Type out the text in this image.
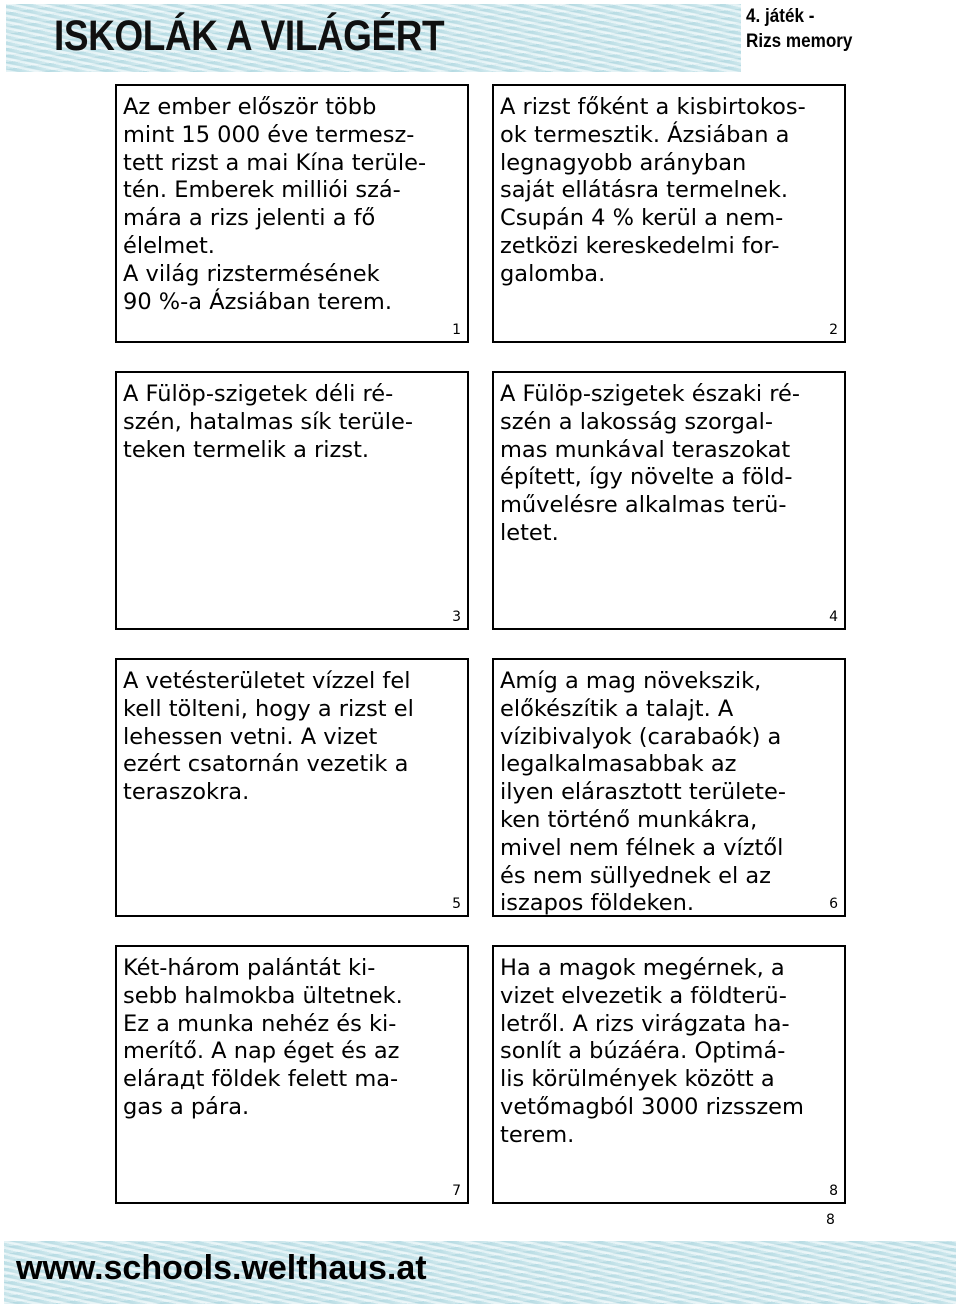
ISKOLÁK A VILÁGÉRT	4. játék -
Rizs memory
Az ember először több
mint 15 000 éve termesz-
tett rizst a mai Kína terüle-
tén. Emberek milliói szá-
mára a rizs jelenti a fő
élelmet.
A világ rizstermésének
90 %-a Ázsiában terem.
1
A rizst főként a kisbirtokos-
ok termesztik. Ázsiában a
legnagyobb arányban
saját ellátásra termelnek.
Csupán 4 % kerül a nem-
zetközi kereskedelmi for-
galomba.
2
A Fülöp-szigetek déli ré-
szén, hatalmas sík terüle-
teken termelik a rizst.
3
A Fülöp-szigetek északi ré-
szén a lakosság szorgal-
mas munkával teraszokat
épített, így növelte a föld-
művelésre alkalmas terü-
letet.
4
A vetésterületet vízzel fel
kell tölteni, hogy a rizst el
lehessen vetni. A vizet
ezért csatornán vezetik a
teraszokra.
5
Amíg a mag növekszik,
előkészítik a talajt. A
vízibivalyok (carabaók) a
legalkalmasabbak az
ilyen elárasztott területe-
ken történő munkákra,
mivel nem félnek a víztől
és nem süllyednek el az
iszapos földeken.	6
Két-három palántát ki-
sebb halmokba ültetnek.
Ez a munka nehéz és ki-
merítő. A nap éget és az
elárадt földek felett ma-
gas a pára.
7
Ha a magok megérnek, a
vizet elvezetik a földterü-
letről. A rizs virágzata ha-
sonlít a búzáéra. Optimá-
lis körülmények között a
vetőmagból 3000 rizsszem
terem.
8
8
www.schools.welthaus.at
